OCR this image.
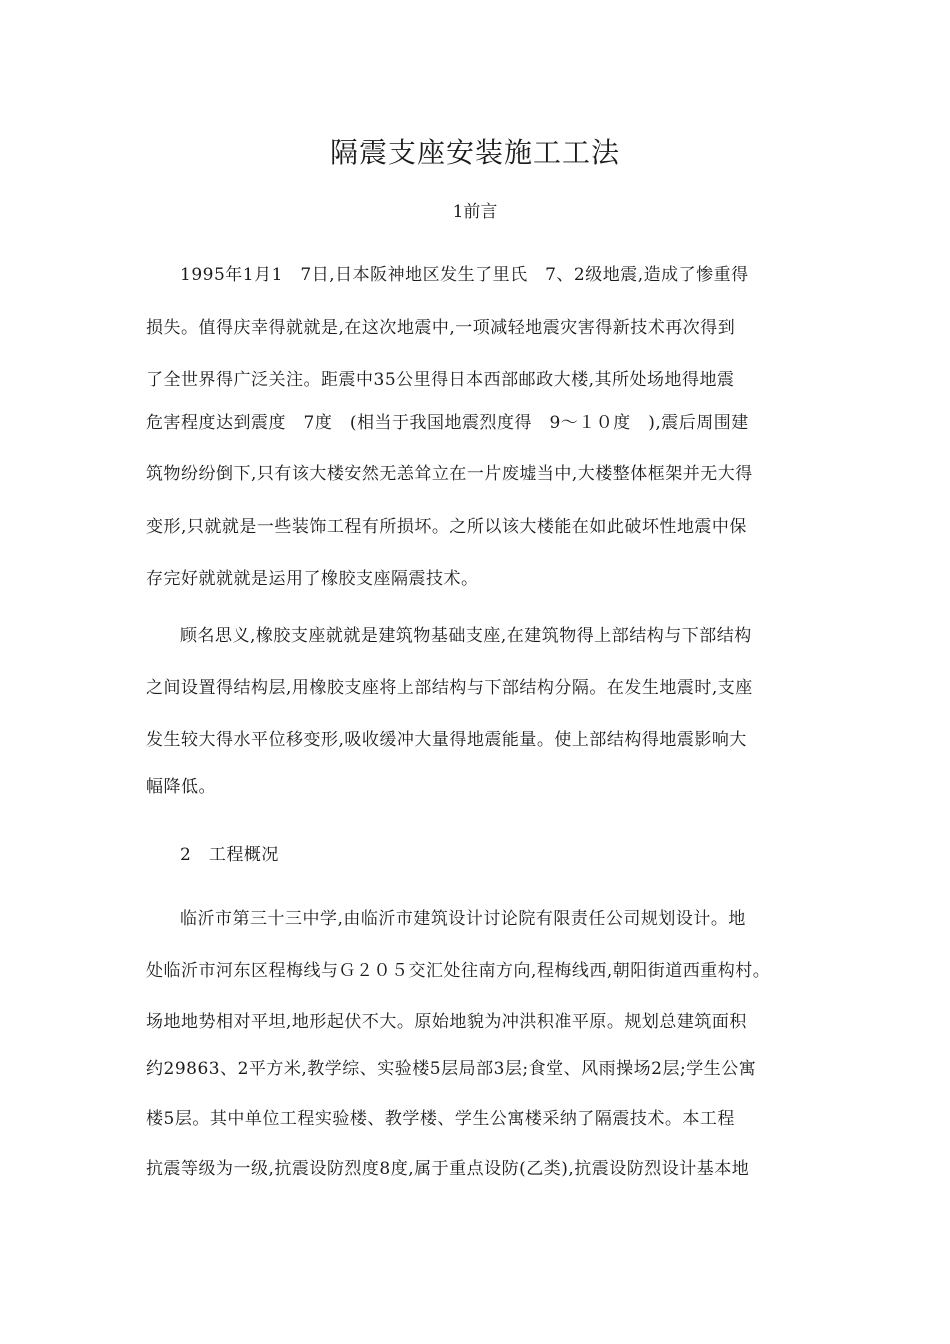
隔震支座安装施工工法
1前言
1995年1月1　7日,日本阪神地区发生了里氏　7、2级地震,造成了惨重得
损失。值得庆幸得就就是,在这次地震中,一项减轻地震灾害得新技术再次得到
了全世界得广泛关注。距震中35公里得日本西部邮政大楼,其所处场地得地震
危害程度达到震度　7度　(相当于我国地震烈度得　9～１０度　),震后周围建
筑物纷纷倒下,只有该大楼安然无恙耸立在一片废墟当中,大楼整体框架并无大得
变形,只就就是一些装饰工程有所损坏。之所以该大楼能在如此破坏性地震中保
存完好就就就是运用了橡胶支座隔震技术。
顾名思义,橡胶支座就就是建筑物基础支座,在建筑物得上部结构与下部结构
之间设置得结构层,用橡胶支座将上部结构与下部结构分隔。在发生地震时,支座
发生较大得水平位移变形,吸收缓冲大量得地震能量。使上部结构得地震影响大
幅降低。
2　工程概况
临沂市第三十三中学,由临沂市建筑设计讨论院有限责任公司规划设计。地
处临沂市河东区程梅线与Ｇ２０５交汇处往南方向,程梅线西,朝阳街道西重构村。
场地地势相对平坦,地形起伏不大。原始地貌为冲洪积准平原。规划总建筑面积
约29863、2平方米,教学综、实验楼5层局部3层;食堂、风雨操场2层;学生公寓
楼5层。其中单位工程实验楼、教学楼、学生公寓楼采纳了隔震技术。本工程
抗震等级为一级,抗震设防烈度8度,属于重点设防(乙类),抗震设防烈设计基本地
